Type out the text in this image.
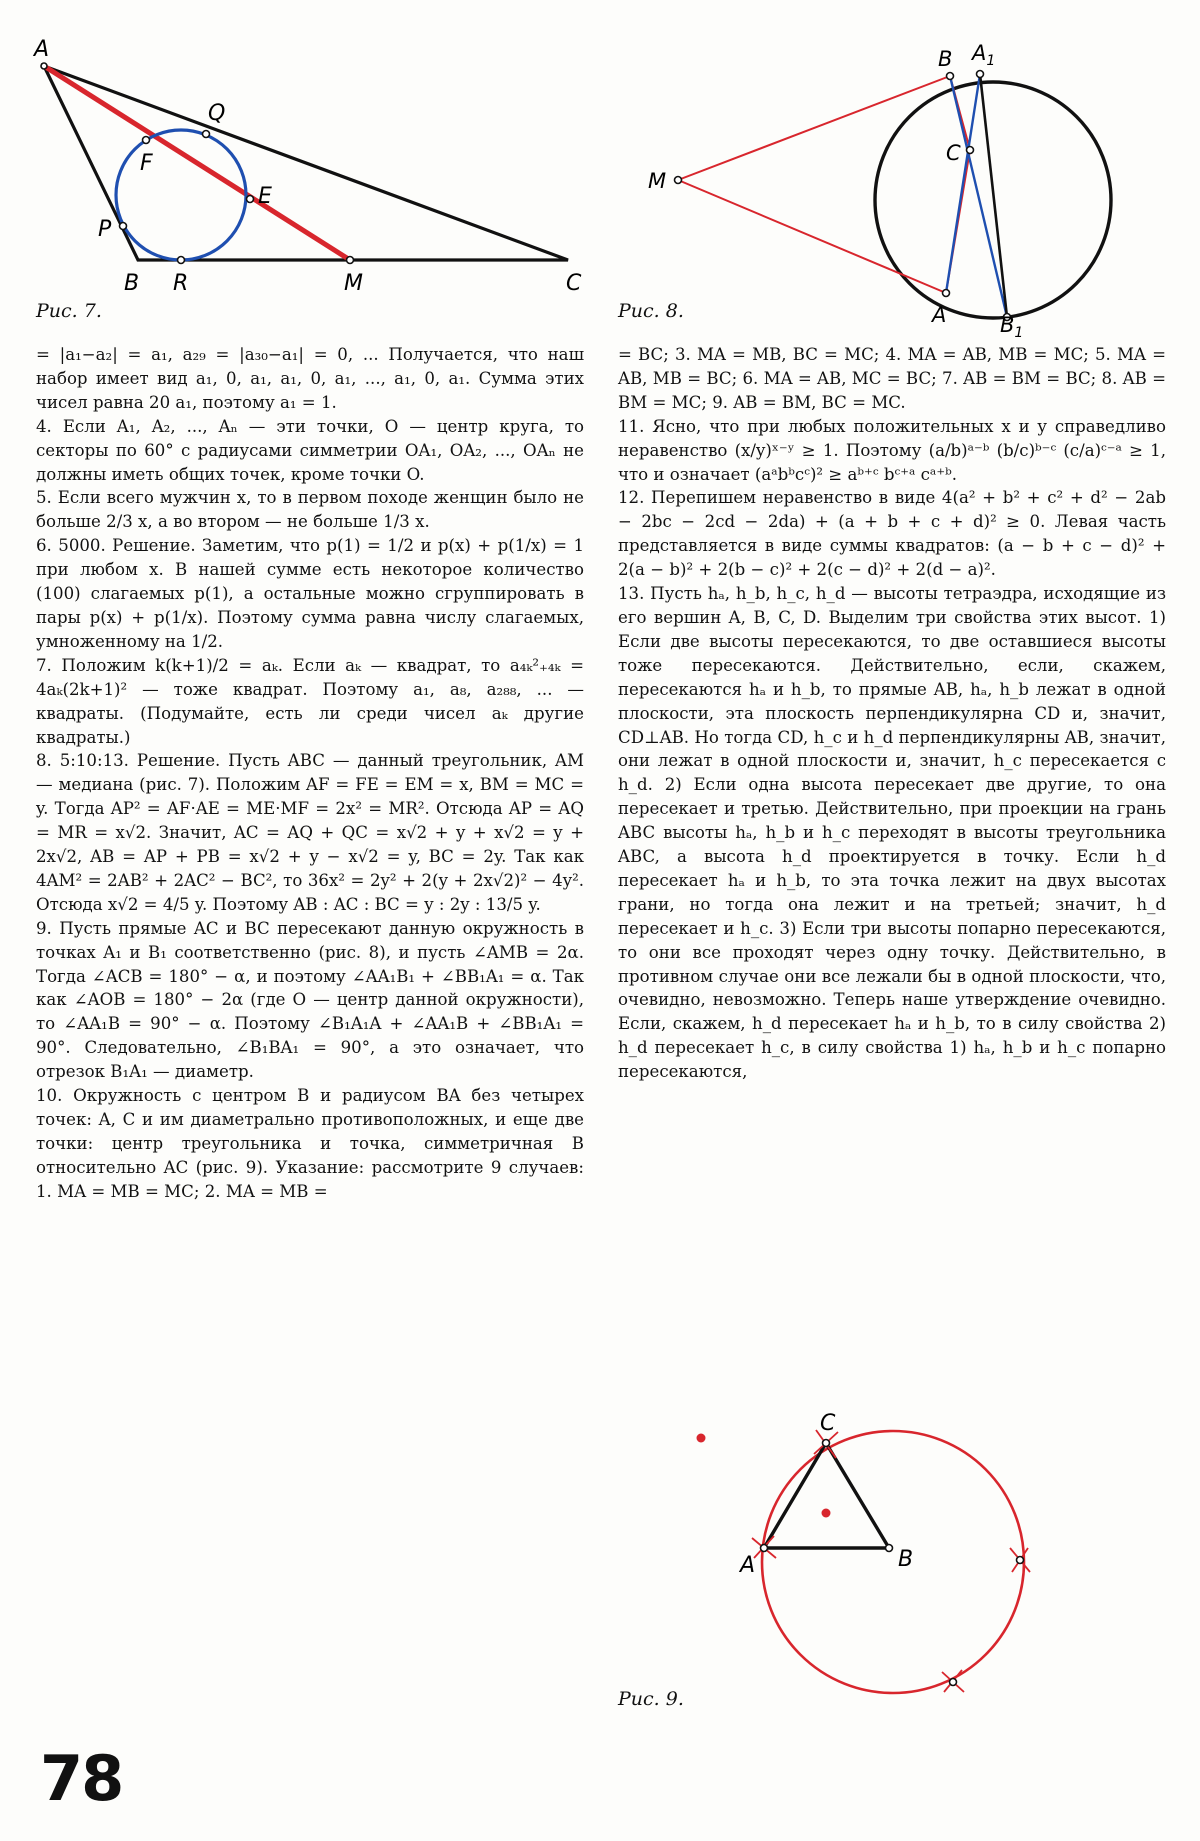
A
Q
F
E
P
B R	M	C
Рис. 7.
B $A_1$
C
M
A	$B_1$
Рис. 8.

= |a₁−a₂| = a₁, a₂₉ = |a₃₀−a₁| = 0, ... Получается, что наш набор имеет вид a₁, 0, a₁, a₁, 0, a₁, ..., a₁, 0, a₁. Сумма этих чисел равна 20 a₁, поэтому a₁ = 1.

4. Если A₁, A₂, ..., Aₙ — эти точки, O — центр круга, то секторы по 60° с радиусами симметрии OA₁, OA₂, ..., OAₙ не должны иметь общих точек, кроме точки O.

5. Если всего мужчин x, то в первом походе женщин было не больше 2/3 x, а во втором — не больше 1/3 x.

6. 5000. Решение. Заметим, что p(1) = 1/2 и p(x) + p(1/x) = 1 при любом x. В нашей сумме есть некоторое количество (100) слагаемых p(1), а остальные можно сгруппировать в пары p(x) + p(1/x). Поэтому сумма равна числу слагаемых, умноженному на 1/2.

7. Положим k(k+1)/2 = aₖ. Если aₖ — квадрат, то a₄ₖ²₊₄ₖ = 4aₖ(2k+1)² — тоже квадрат. Поэтому a₁, a₈, a₂₈₈, ... — квадраты. (Подумайте, есть ли среди чисел aₖ другие квадраты.)

8. 5:10:13. Решение. Пусть ABC — данный треугольник, AM — медиана (рис. 7). Положим AF = FE = EM = x, BM = MC = y. Тогда AP² = AF·AE = ME·MF = 2x² = MR². Отсюда AP = AQ = MR = x√2. Значит, AC = AQ + QC = x√2 + y + x√2 = y + 2x√2, AB = AP + PB = x√2 + y − x√2 = y, BC = 2y. Так как 4AM² = 2AB² + 2AC² − BC², то 36x² = 2y² + 2(y + 2x√2)² − 4y². Отсюда x√2 = 4/5 y. Поэтому AB : AC : BC = y : 2y : 13/5 y.

9. Пусть прямые AC и BC пересекают данную окружность в точках A₁ и B₁ соответственно (рис. 8), и пусть ∠AMB = 2α. Тогда ∠ACB = 180° − α, и поэтому ∠AA₁B₁ + ∠BB₁A₁ = α. Так как ∠AOB = 180° − 2α (где O — центр данной окружности), то ∠AA₁B = 90° − α. Поэтому ∠B₁A₁A + ∠AA₁B + ∠BB₁A₁ = 90°. Следовательно, ∠B₁BA₁ = 90°, а это означает, что отрезок B₁A₁ — диаметр.

10. Окружность с центром B и радиусом BA без четырех точек: A, C и им диаметрально противоположных, и еще две точки: центр треугольника и точка, симметричная B относительно AC (рис. 9). Указание: рассмотрите 9 случаев: 1. MA = MB = MC; 2. MA = MB =

= BC; 3. MA = MB, BC = MC; 4. MA = AB, MB = MC; 5. MA = AB, MB = BC; 6. MA = AB, MC = BC; 7. AB = BM = BC; 8. AB = BM = MC; 9. AB = BM, BC = MC.

11. Ясно, что при любых положительных x и y справедливо неравенство (x/y)ˣ⁻ʸ ≥ 1. Поэтому (a/b)ᵃ⁻ᵇ (b/c)ᵇ⁻ᶜ (c/a)ᶜ⁻ᵃ ≥ 1, что и означает (aᵃbᵇcᶜ)² ≥ aᵇ⁺ᶜ bᶜ⁺ᵃ cᵃ⁺ᵇ.

12. Перепишем неравенство в виде 4(a² + b² + c² + d² − 2ab − 2bc − 2cd − 2da) + (a + b + c + d)² ≥ 0. Левая часть представляется в виде суммы квадратов: (a − b + c − d)² + 2(a − b)² + 2(b − c)² + 2(c − d)² + 2(d − a)².

13. Пусть hₐ, h_b, h_c, h_d — высоты тетраэдра, исходящие из его вершин A, B, C, D. Выделим три свойства этих высот. 1) Если две высоты пересекаются, то две оставшиеся высоты тоже пересекаются. Действительно, если, скажем, пересекаются hₐ и h_b, то прямые AB, hₐ, h_b лежат в одной плоскости, эта плоскость перпендикулярна CD и, значит, CD⊥AB. Но тогда CD, h_c и h_d перпендикулярны AB, значит, они лежат в одной плоскости и, значит, h_c пересекается с h_d. 2) Если одна высота пересекает две другие, то она пересекает и третью. Действительно, при проекции на грань ABC высоты hₐ, h_b и h_c переходят в высоты треугольника ABC, а высота h_d проектируется в точку. Если h_d пересекает hₐ и h_b, то эта точка лежит на двух высотах грани, но тогда она лежит и на третьей; значит, h_d пересекает и h_c. 3) Если три высоты попарно пересекаются, то они все проходят через одну точку. Действительно, в противном случае они все лежали бы в одной плоскости, что, очевидно, невозможно. Теперь наше утверждение очевидно. Если, скажем, h_d пересекает hₐ и h_b, то в силу свойства 2) h_d пересекает h_c, в силу свойства 1) hₐ, h_b и h_c попарно пересекаются,

C
A	B
Рис. 9.
78
